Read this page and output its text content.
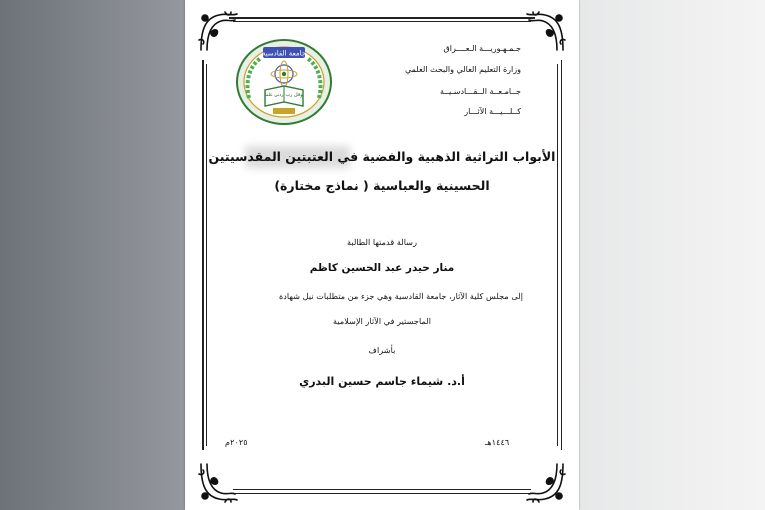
جامعة القادسية
وقل رب
زدني علما
جـمـهـوريـــة الـعــــراق
وزارة التعليم العالي والبحث العلمي
جــامـعــة الــقـــادسـيــة
كــلـــيـــة الآثـــار
الأبواب التراثية الذهبية والفضية في العتبتين المقدسيتين
الحسينية والعباسية ( نماذج مختارة)
رسالة قدمتها الطالبة
منار حيدر عبد الحسين كاظم
إلى مجلس كلية الآثار، جامعة القادسية وهي جزء من متطلبات نيل شهادة
الماجستير في الآثار الإسلامية
بأشراف
أ.د. شيماء جاسم حسين البدري
١٤٤٦هـ
٢٠٢٥م
